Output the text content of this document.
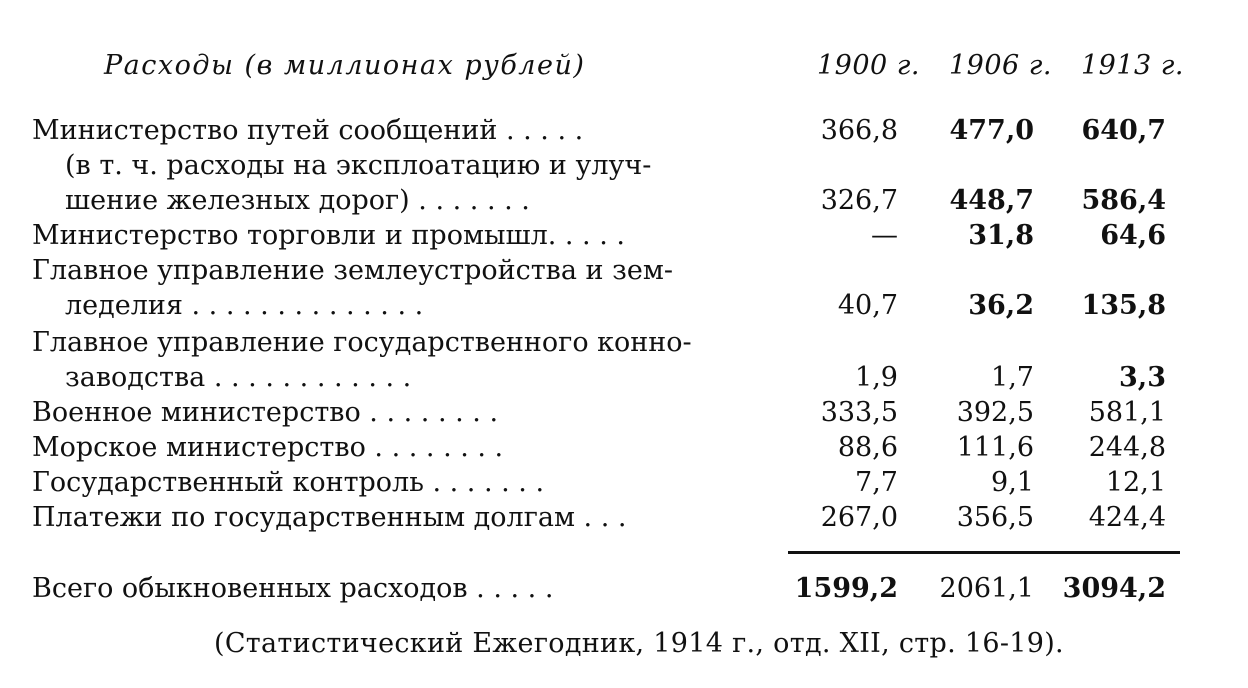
Расходы (в миллионах рублей)	1900 г.	1906 г.	1913 г.
Министерство путей сообщений . . . . .	366,8	477,0	640,7
(в т. ч. расходы на эксплоатацию и улуч-
шение железных дорог) . . . . . . .	326,7	448,7	586,4
Министерство торговли и промышл. . . . .	—	31,8	64,6
Главное управление землеустройства и зем-
леделия . . . . . . . . . . . . . .	40,7	36,2	135,8
Главное управление государственного конно-
заводства . . . . . . . . . . . .	1,9	1,7	3,3
Военное министерство . . . . . . . .	333,5	392,5	581,1
Морское министерство . . . . . . . .	88,6	111,6	244,8
Государственный контроль . . . . . . .	7,7	9,1	12,1
Платежи по государственным долгам . . .	267,0	356,5	424,4
Всего обыкновенных расходов . . . . .	1599,2	2061,1	3094,2
(Статистический Ежегодник, 1914 г., отд. XII, стр. 16-19).
